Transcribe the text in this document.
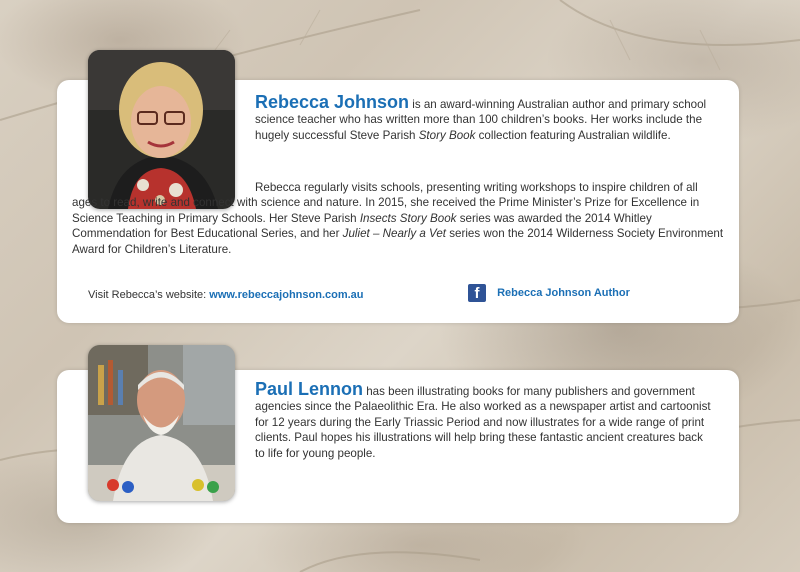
Rebecca Johnson is an award-winning Australian author and primary school science teacher who has written more than 100 children’s books. Her works include the hugely successful Steve Parish Story Book collection featuring Australian wildlife.

Rebecca regularly visits schools, presenting writing workshops to inspire children of all ages to read, write and connect with science and nature. In 2015, she received the Prime Minister’s Prize for Excellence in Science Teaching in Primary Schools. Her Steve Parish Insects Story Book series was awarded the 2014 Whitley Commendation for Best Educational Series, and her Juliet – Nearly a Vet series won the 2014 Wilderness Society Environment Award for Children’s Literature.

Visit Rebecca’s website: www.rebeccajohnson.com.au	f Rebecca Johnson Author

Paul Lennon has been illustrating books for many publishers and government agencies since the Palaeolithic Era. He also worked as a newspaper artist and cartoonist for 12 years during the Early Triassic Period and now illustrates for a wide range of print clients. Paul hopes his illustrations will help bring these fantastic ancient creatures back to life for young people.
